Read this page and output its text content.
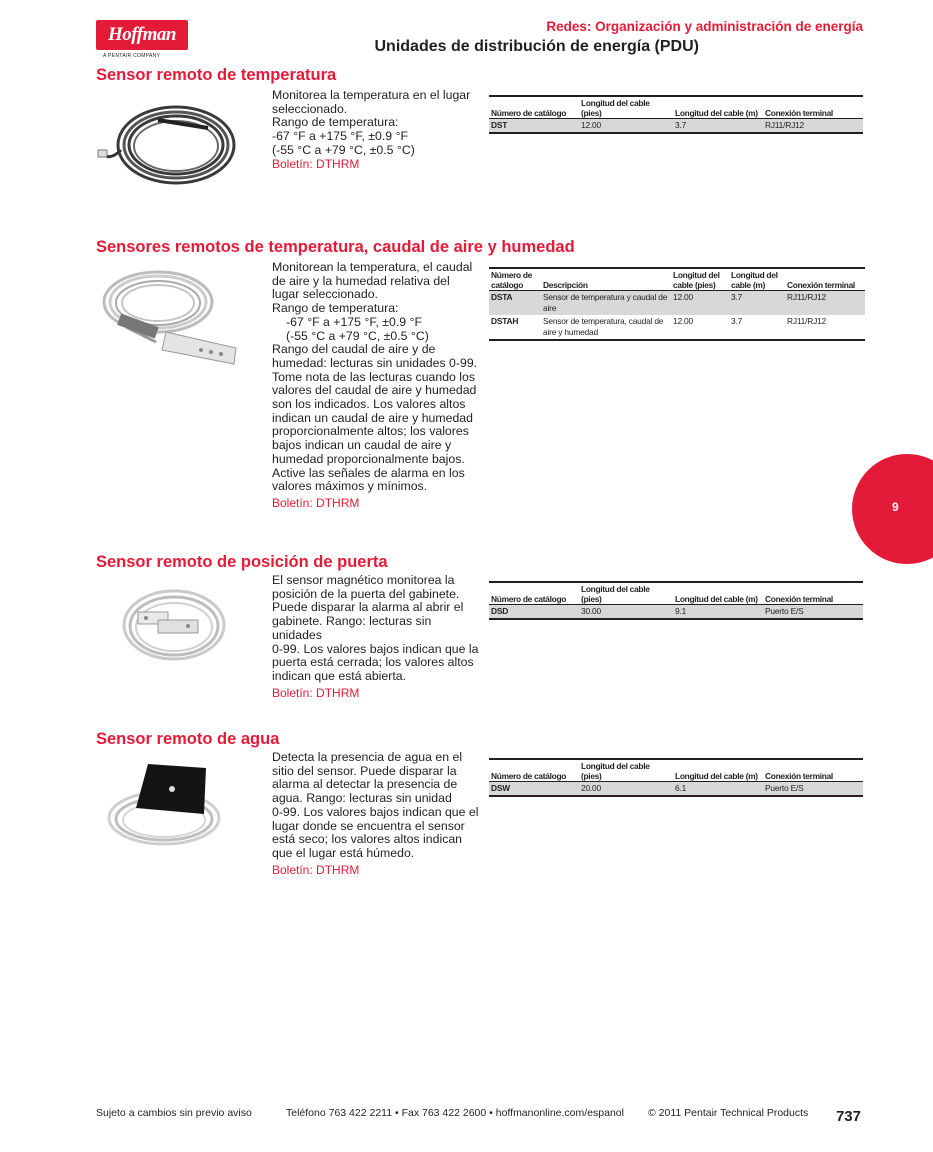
Hoffman
A PENTAIR COMPANY
Redes: Organización y administración de energía
Unidades de distribución de energía (PDU)
9
Sensor remoto de temperatura
Monitorea la temperatura en el lugar
seleccionado.
Rango de temperatura:
-67 °F a +175 °F, ±0.9 °F
(-55 °C a +79 °C, ±0.5 °C)
Boletín: DTHRM
Número de catálogo	Longitud del cable (pies)	Longitud del cable (m)	Conexión terminal
DST	12.00	3.7	RJ11/RJ12
Sensores remotos de temperatura, caudal de aire y humedad
Monitorean la temperatura, el caudal
de aire y la humedad relativa del
lugar seleccionado.
Rango de temperatura:
-67 °F a +175 °F, ±0.9 °F
(-55 °C a +79 °C, ±0.5 °C)
Rango del caudal de aire y de
humedad: lecturas sin unidades 0-99.
Tome nota de las lecturas cuando los
valores del caudal de aire y humedad
son los indicados. Los valores altos
indican un caudal de aire y humedad
proporcionalmente altos; los valores
bajos indican un caudal de aire y
humedad proporcionalmente bajos.
Active las señales de alarma en los
valores máximos y mínimos.
Boletín: DTHRM
Número de catálogo	Descripción	Longitud del cable (pies)	Longitud del cable (m)	Conexión terminal
DSTA	Sensor de temperatura y caudal de aire	12.00	3.7	RJ11/RJ12
DSTAH	Sensor de temperatura, caudal de aire y humedad	12.00	3.7	RJ11/RJ12
Sensor remoto de posición de puerta
El sensor magnético monitorea la
posición de la puerta del gabinete.
Puede disparar la alarma al abrir el
gabinete. Rango: lecturas sin unidades
0-99. Los valores bajos indican que la
puerta está cerrada; los valores altos
indican que está abierta.
Boletín: DTHRM
Número de catálogo	Longitud del cable (pies)	Longitud del cable (m)	Conexión terminal
DSD	30.00	9.1	Puerto E/S
Sensor remoto de agua
Detecta la presencia de agua en el
sitio del sensor. Puede disparar la
alarma al detectar la presencia de
agua. Rango: lecturas sin unidad
0-99. Los valores bajos indican que el
lugar donde se encuentra el sensor
está seco; los valores altos indican
que el lugar está húmedo.
Boletín: DTHRM
Número de catálogo	Longitud del cable (pies)	Longitud del cable (m)	Conexión terminal
DSW	20.00	6.1	Puerto E/S
Sujeto a cambios sin previo aviso	Teléfono 763 422 2211 • Fax 763 422 2600 • hoffmanonline.com/espanol © 2011 Pentair Technical Products 737
